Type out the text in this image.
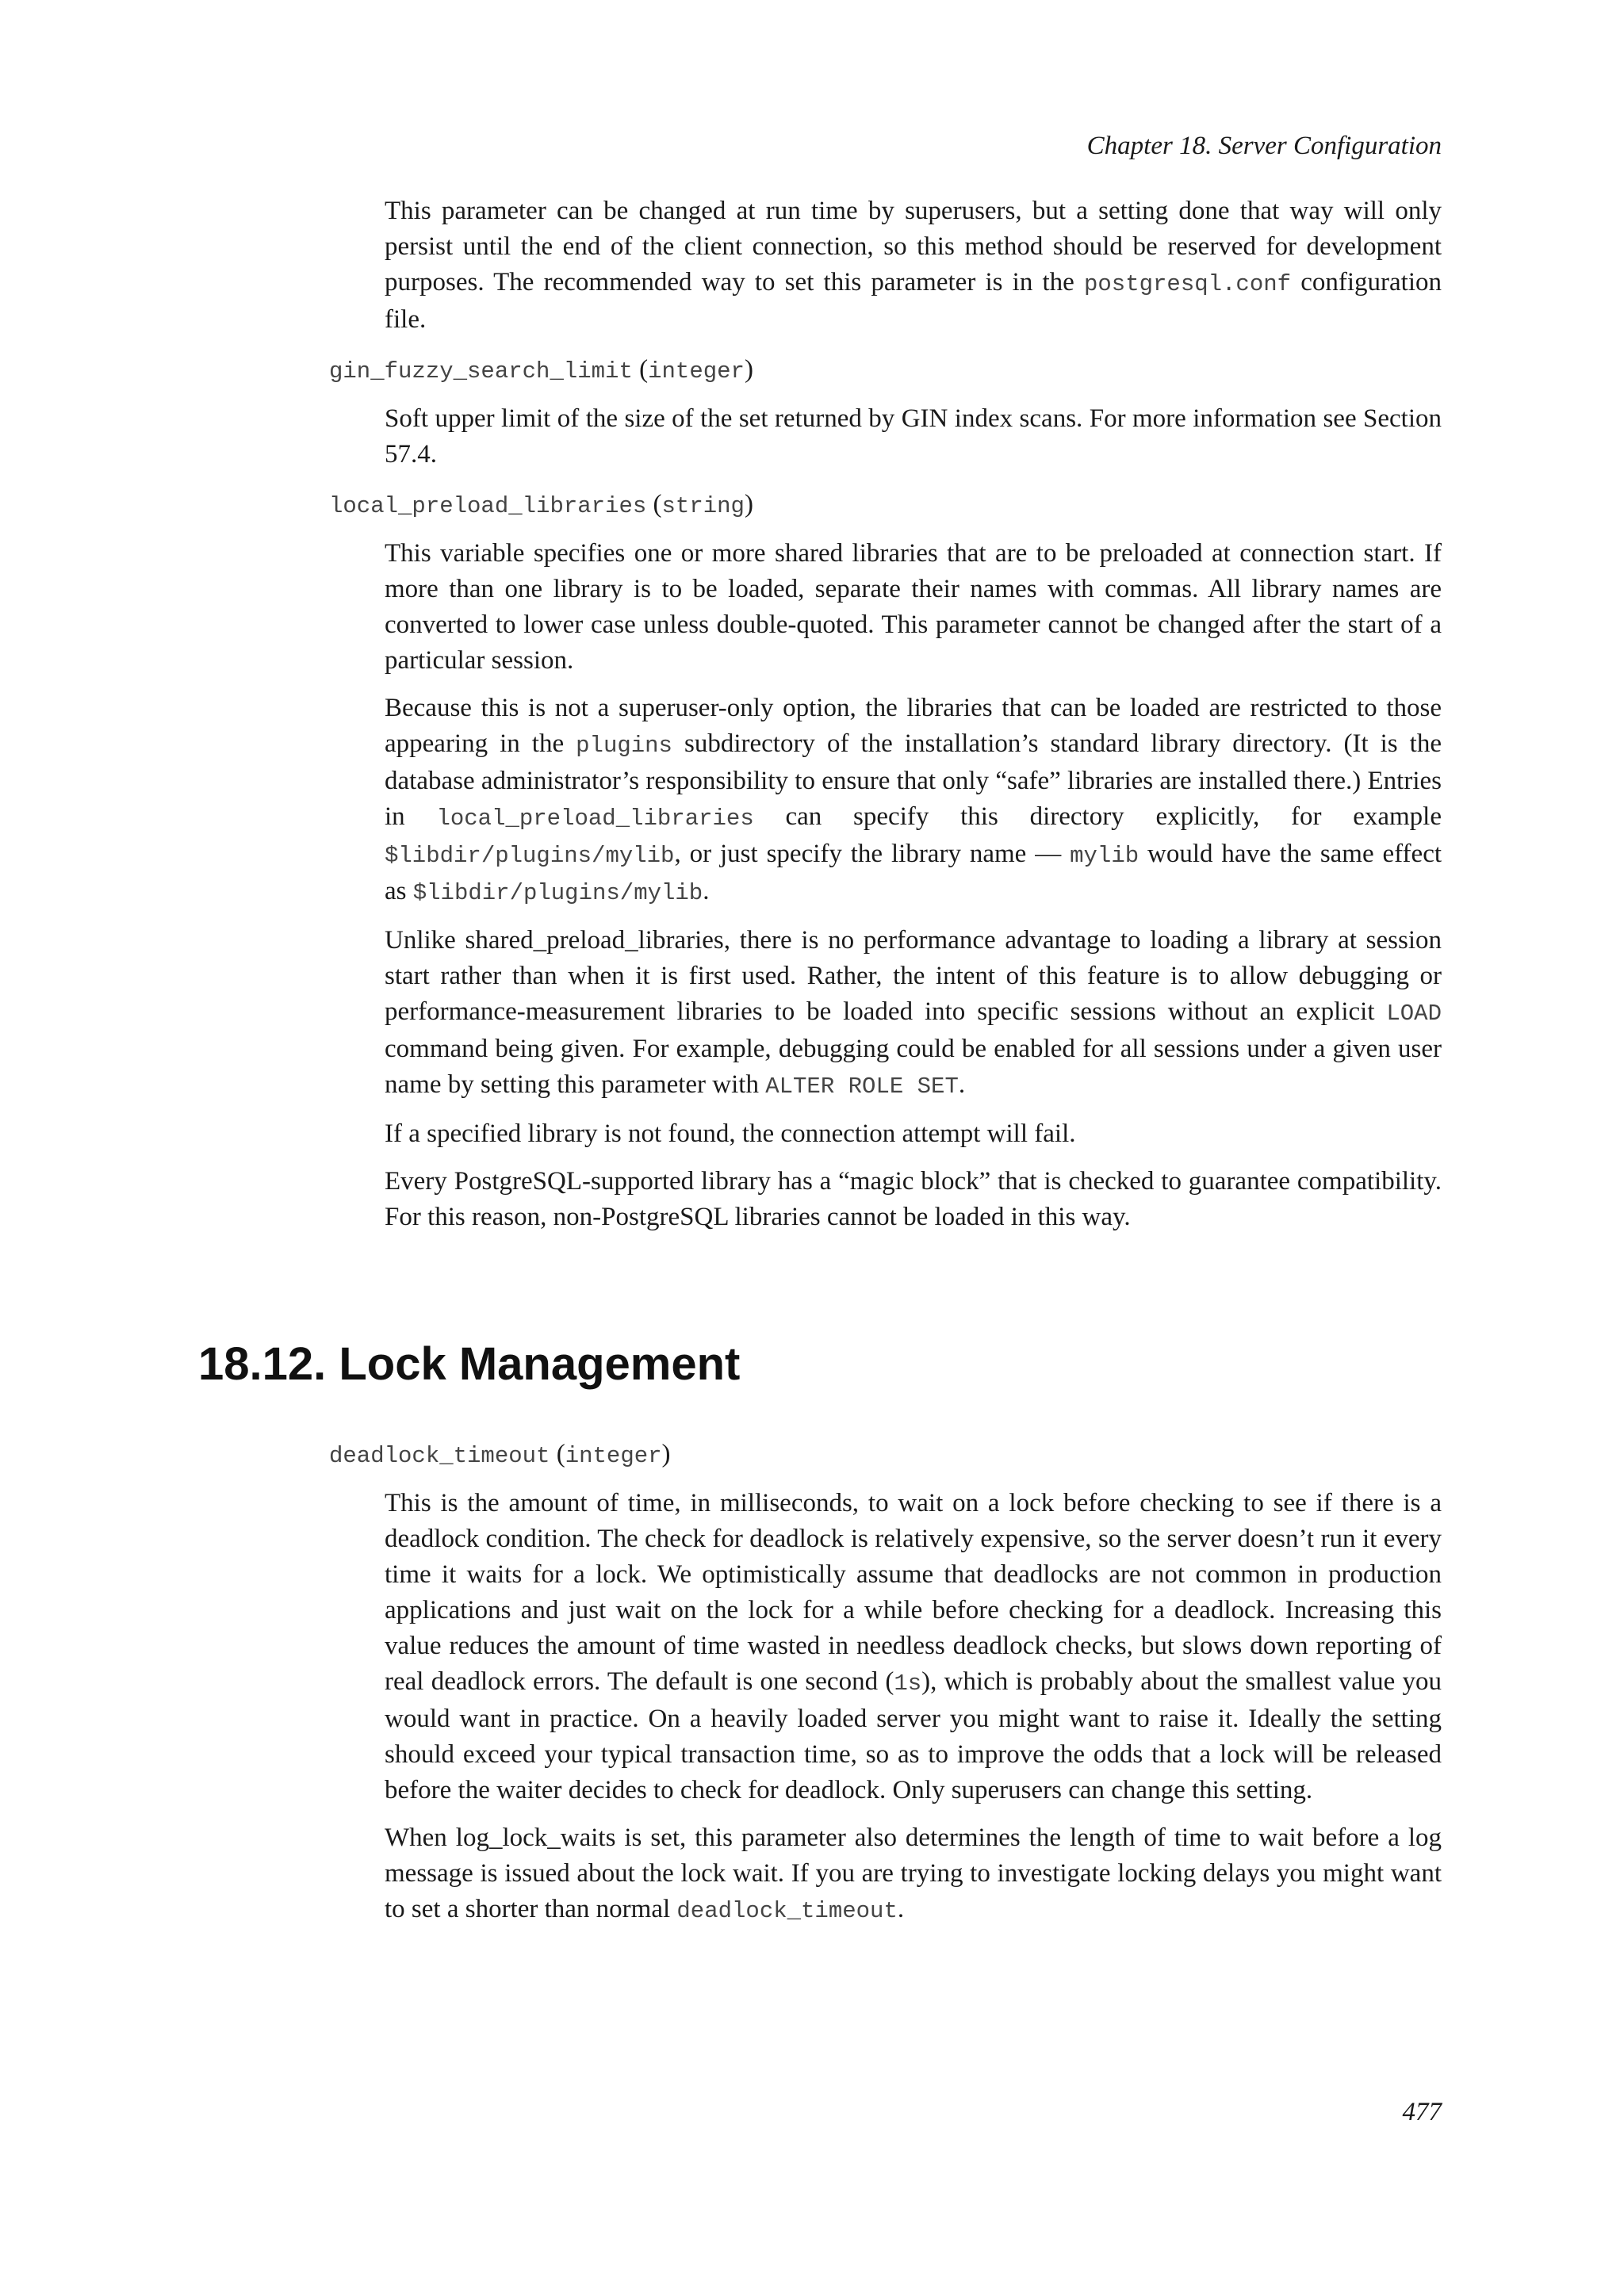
Chapter 18. Server Configuration

This parameter can be changed at run time by superusers, but a setting done that way will only persist until the end of the client connection, so this method should be reserved for development purposes. The recommended way to set this parameter is in the postgresql.conf configuration file.

gin_fuzzy_search_limit (integer)

Soft upper limit of the size of the set returned by GIN index scans. For more information see Section 57.4.

local_preload_libraries (string)

This variable specifies one or more shared libraries that are to be preloaded at connection start. If more than one library is to be loaded, separate their names with commas. All library names are converted to lower case unless double-quoted. This parameter cannot be changed after the start of a particular session.

Because this is not a superuser-only option, the libraries that can be loaded are restricted to those appearing in the plugins subdirectory of the installation’s standard library directory. (It is the database administrator’s responsibility to ensure that only “safe” libraries are installed there.) Entries in local_preload_libraries can specify this directory explicitly, for example $libdir/plugins/mylib, or just specify the library name — mylib would have the same effect as $libdir/plugins/mylib.

Unlike shared_preload_libraries, there is no performance advantage to loading a library at session start rather than when it is first used. Rather, the intent of this feature is to allow debugging or performance-measurement libraries to be loaded into specific sessions without an explicit LOAD command being given. For example, debugging could be enabled for all sessions under a given user name by setting this parameter with ALTER ROLE SET.

If a specified library is not found, the connection attempt will fail.

Every PostgreSQL-supported library has a “magic block” that is checked to guarantee compatibility. For this reason, non-PostgreSQL libraries cannot be loaded in this way.

18.12. Lock Management
deadlock_timeout (integer)

This is the amount of time, in milliseconds, to wait on a lock before checking to see if there is a deadlock condition. The check for deadlock is relatively expensive, so the server doesn’t run it every time it waits for a lock. We optimistically assume that deadlocks are not common in production applications and just wait on the lock for a while before checking for a deadlock. Increasing this value reduces the amount of time wasted in needless deadlock checks, but slows down reporting of real deadlock errors. The default is one second (1s), which is probably about the smallest value you would want in practice. On a heavily loaded server you might want to raise it. Ideally the setting should exceed your typical transaction time, so as to improve the odds that a lock will be released before the waiter decides to check for deadlock. Only superusers can change this setting.

When log_lock_waits is set, this parameter also determines the length of time to wait before a log message is issued about the lock wait. If you are trying to investigate locking delays you might want to set a shorter than normal deadlock_timeout.

477
